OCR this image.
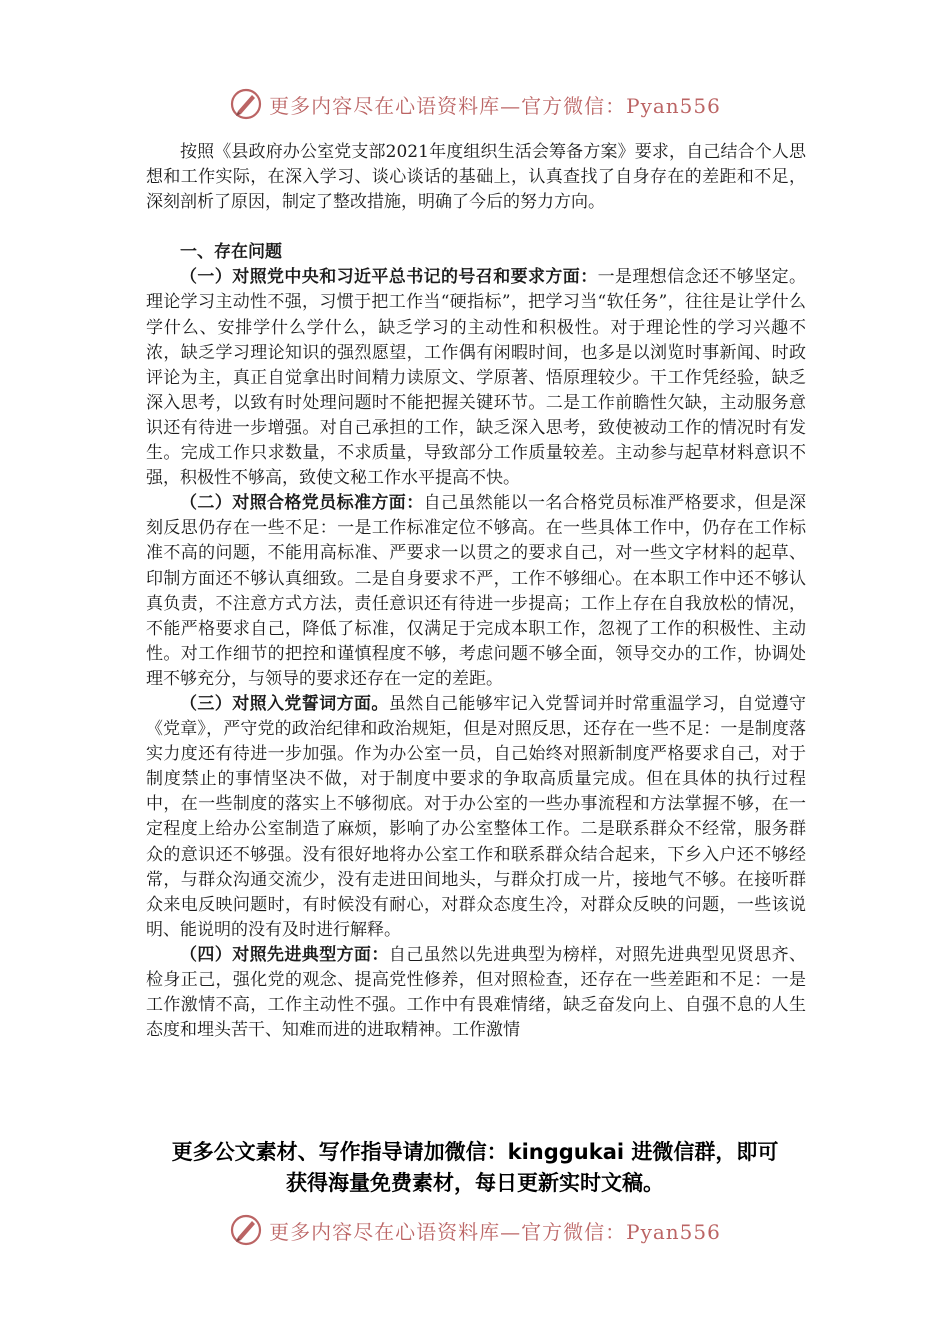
更多内容尽在心语资料库—官方微信：Pyan556

按照《县政府办公室党支部2021年度组织生活会筹备方案》要求，自己结合个人思想和工作实际，在深入学习、谈心谈话的基础上，认真查找了自身存在的差距和不足，深刻剖析了原因，制定了整改措施，明确了今后的努力方向。

一、存在问题

（一）对照党中央和习近平总书记的号召和要求方面：一是理想信念还不够坚定。理论学习主动性不强，习惯于把工作当“硬指标”，把学习当“软任务”，往往是让学什么学什么、安排学什么学什么，缺乏学习的主动性和积极性。对于理论性的学习兴趣不浓，缺乏学习理论知识的强烈愿望，工作偶有闲暇时间，也多是以浏览时事新闻、时政评论为主，真正自觉拿出时间精力读原文、学原著、悟原理较少。干工作凭经验，缺乏深入思考，以致有时处理问题时不能把握关键环节。二是工作前瞻性欠缺，主动服务意识还有待进一步增强。对自己承担的工作，缺乏深入思考，致使被动工作的情况时有发生。完成工作只求数量，不求质量，导致部分工作质量较差。主动参与起草材料意识不强，积极性不够高，致使文秘工作水平提高不快。

（二）对照合格党员标准方面：自己虽然能以一名合格党员标准严格要求，但是深刻反思仍存在一些不足：一是工作标准定位不够高。在一些具体工作中，仍存在工作标准不高的问题，不能用高标准、严要求一以贯之的要求自己，对一些文字材料的起草、印制方面还不够认真细致。二是自身要求不严，工作不够细心。在本职工作中还不够认真负责，不注意方式方法，责任意识还有待进一步提高；工作上存在自我放松的情况，不能严格要求自己，降低了标准，仅满足于完成本职工作，忽视了工作的积极性、主动性。对工作细节的把控和谨慎程度不够，考虑问题不够全面，领导交办的工作，协调处理不够充分，与领导的要求还存在一定的差距。

（三）对照入党誓词方面。虽然自己能够牢记入党誓词并时常重温学习，自觉遵守《党章》，严守党的政治纪律和政治规矩，但是对照反思，还存在一些不足：一是制度落实力度还有待进一步加强。作为办公室一员，自己始终对照新制度严格要求自己，对于制度禁止的事情坚决不做，对于制度中要求的争取高质量完成。但在具体的执行过程中，在一些制度的落实上不够彻底。对于办公室的一些办事流程和方法掌握不够，在一定程度上给办公室制造了麻烦，影响了办公室整体工作。二是联系群众不经常，服务群众的意识还不够强。没有很好地将办公室工作和联系群众结合起来，下乡入户还不够经常，与群众沟通交流少，没有走进田间地头，与群众打成一片，接地气不够。在接听群众来电反映问题时，有时候没有耐心，对群众态度生冷，对群众反映的问题，一些该说明、能说明的没有及时进行解释。

（四）对照先进典型方面：自己虽然以先进典型为榜样，对照先进典型见贤思齐、检身正己，强化党的观念、提高党性修养，但对照检查，还存在一些差距和不足：一是工作激情不高，工作主动性不强。工作中有畏难情绪，缺乏奋发向上、自强不息的人生态度和埋头苦干、知难而进的进取精神。工作激情

更多公文素材、写作指导请加微信：kinggukai 进微信群，即可
获得海量免费素材，每日更新实时文稿。
更多内容尽在心语资料库—官方微信：Pyan556
